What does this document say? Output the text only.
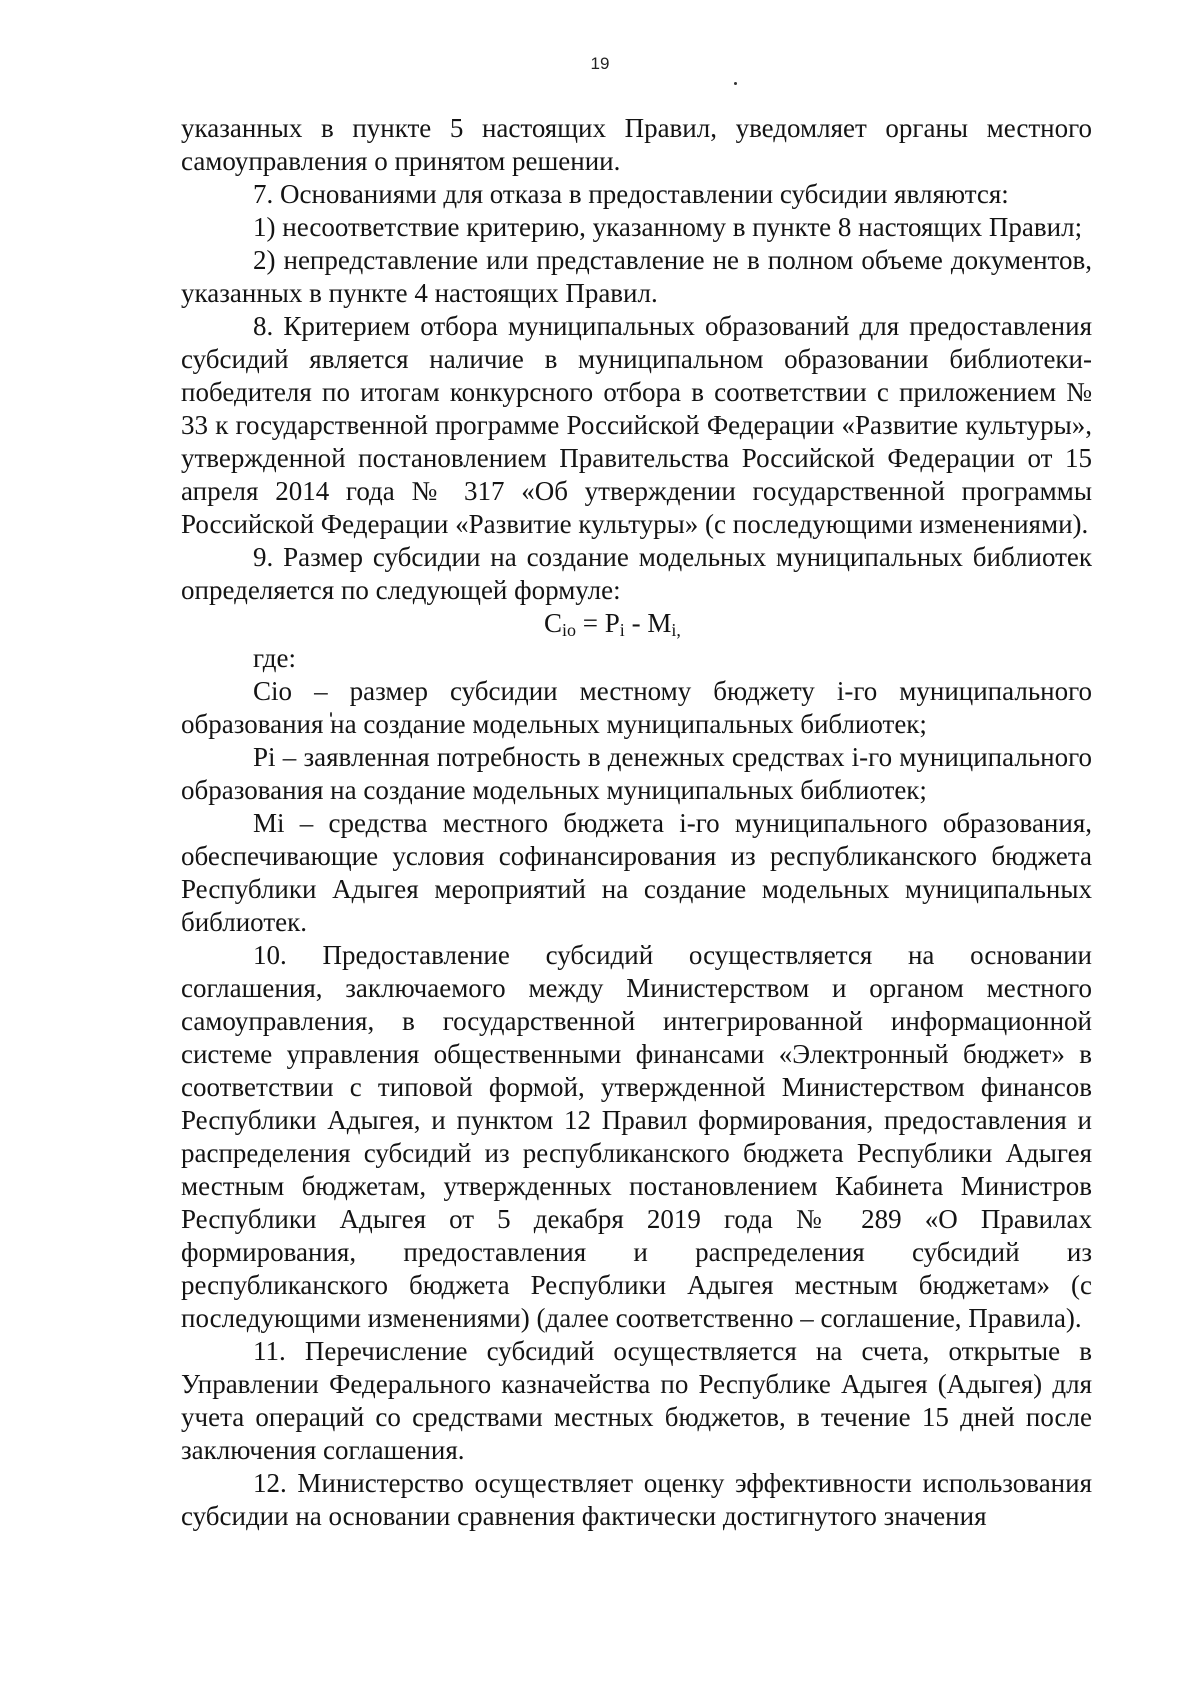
19

указанных в пункте 5 настоящих Правил, уведомляет органы местного самоуправления о принятом решении.

7. Основаниями для отказа в предоставлении субсидии являются:

1) несоответствие критерию, указанному в пункте 8 настоящих Правил;

2) непредставление или представление не в полном объеме документов, указанных в пункте 4 настоящих Правил.

8. Критерием отбора муниципальных образований для предоставления субсидий является наличие в муниципальном образовании библиотеки-победителя по итогам конкурсного отбора в соответствии с приложением № 33 к государственной программе Российской Федерации «Развитие культуры», утвержденной постановлением Правительства Российской Федерации от 15 апреля 2014 года № 317 «Об утверждении государственной программы Российской Федерации «Развитие культуры» (с последующими изменениями).

9. Размер субсидии на создание модельных муниципальных библиотек определяется по следующей формуле:

$C_{io} = P_i - M_{i,}$

где:

Сio – размер субсидии местному бюджету i-го муниципального образования на создание модельных муниципальных библиотек;

Pi – заявленная потребность в денежных средствах i-го муниципального образования на создание модельных муниципальных библиотек;

Mi – средства местного бюджета i-го муниципального образования, обеспечивающие условия софинансирования из республиканского бюджета Республики Адыгея мероприятий на создание модельных муниципальных библиотек.

10. Предоставление субсидий осуществляется на основании соглашения, заключаемого между Министерством и органом местного самоуправления, в государственной интегрированной информационной системе управления общественными финансами «Электронный бюджет» в соответствии с типовой формой, утвержденной Министерством финансов Республики Адыгея, и пунктом 12 Правил формирования, предоставления и распределения субсидий из республиканского бюджета Республики Адыгея местным бюджетам, утвержденных постановлением Кабинета Министров Республики Адыгея от 5 декабря 2019 года № 289 «О Правилах формирования, предоставления и распределения субсидий из республиканского бюджета Республики Адыгея местным бюджетам» (с последующими изменениями) (далее соответственно – соглашение, Правила).

11. Перечисление субсидий осуществляется на счета, открытые в Управлении Федерального казначейства по Республике Адыгея (Адыгея) для учета операций со средствами местных бюджетов, в течение 15 дней после заключения соглашения.

12. Министерство осуществляет оценку эффективности использования субсидии на основании сравнения фактически достигнутого значения
